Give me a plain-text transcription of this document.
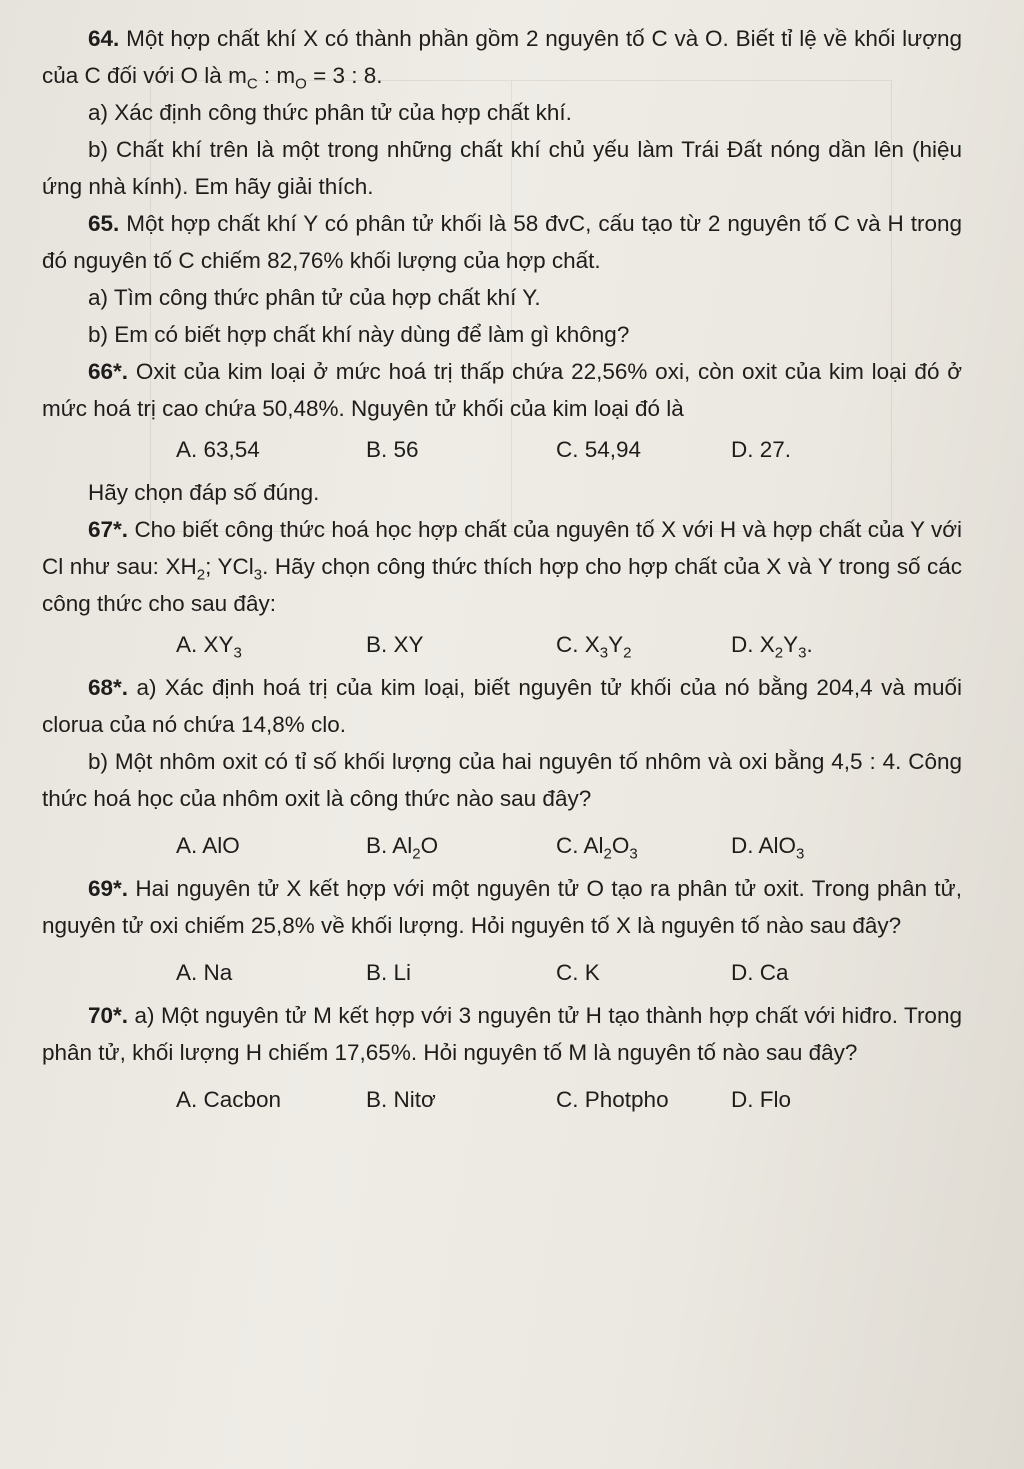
64. Một hợp chất khí X có thành phần gồm 2 nguyên tố C và O. Biết tỉ lệ về khối lượng của C đối với O là $m_C$ : $m_O = 3$ : 8.

a) Xác định công thức phân tử của hợp chất khí.

b) Chất khí trên là một trong những chất khí chủ yếu làm Trái Đất nóng dần lên (hiệu ứng nhà kính). Em hãy giải thích.

65. Một hợp chất khí Y có phân tử khối là 58 đvC, cấu tạo từ 2 nguyên tố C và H trong đó nguyên tố C chiếm 82,76% khối lượng của hợp chất.

a) Tìm công thức phân tử của hợp chất khí Y.

b) Em có biết hợp chất khí này dùng để làm gì không?

66*. Oxit của kim loại ở mức hoá trị thấp chứa 22,56% oxi, còn oxit của kim loại đó ở mức hoá trị cao chứa 50,48%. Nguyên tử khối của kim loại đó là

A. 63,54	B. 56	C. 54,94	D. 27.

Hãy chọn đáp số đúng.

67*. Cho biết công thức hoá học hợp chất của nguyên tố X với H và hợp chất của Y với Cl như sau: $XH_2$; YCl$_3$. Hãy chọn công thức thích hợp cho hợp chất của X và Y trong số các công thức cho sau đây:

A. $XY_3$	B. XY	C. $X_3Y_2$	D. $X_2Y_3$.

68*. a) Xác định hoá trị của kim loại, biết nguyên tử khối của nó bằng 204,4 và muối clorua của nó chứa 14,8% clo.

b) Một nhôm oxit có tỉ số khối lượng của hai nguyên tố nhôm và oxi bằng 4,5 : 4. Công thức hoá học của nhôm oxit là công thức nào sau đây?

A. AlO	B. $Al_2O$	C. $Al_2O_3$	D. AlO$_3$

69*. Hai nguyên tử X kết hợp với một nguyên tử O tạo ra phân tử oxit. Trong phân tử, nguyên tử oxi chiếm 25,8% về khối lượng. Hỏi nguyên tố X là nguyên tố nào sau đây?

A. Na	B. Li	C. K	D. Ca

70*. a) Một nguyên tử M kết hợp với 3 nguyên tử H tạo thành hợp chất với hiđro. Trong phân tử, khối lượng H chiếm 17,65%. Hỏi nguyên tố M là nguyên tố nào sau đây?

A. Cacbon	B. Nitơ	C. Photpho	D. Flo
